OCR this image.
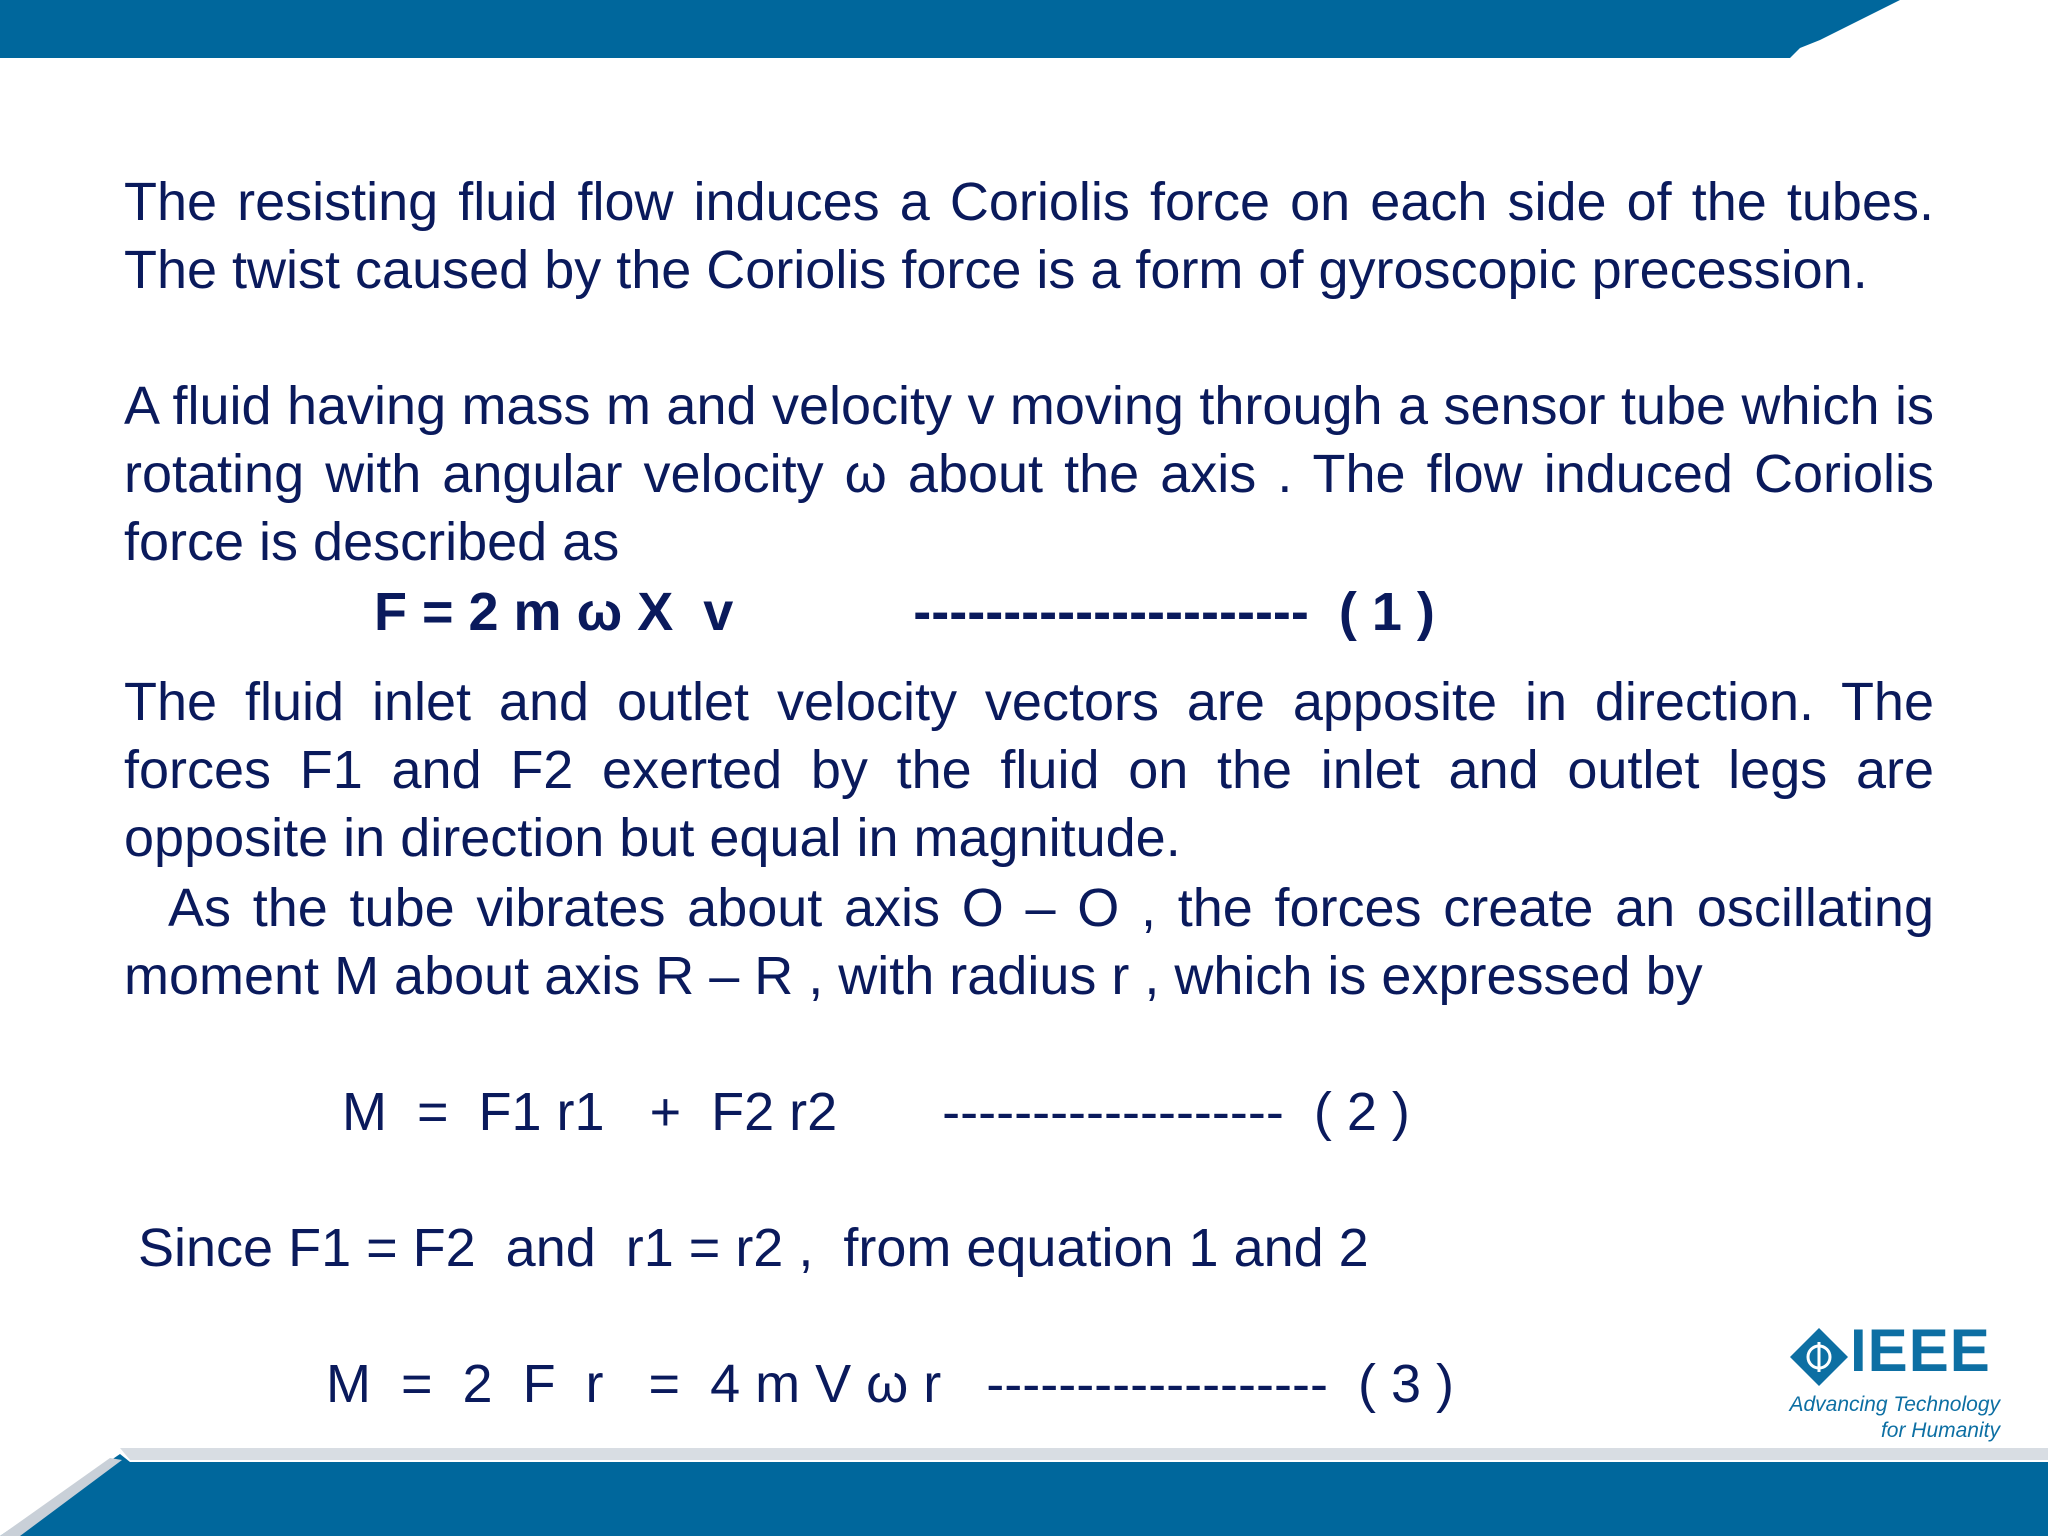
The resisting fluid flow induces a Coriolis force on each side of the tubes. The twist caused by the Coriolis force is a form of gyroscopic precession.

A fluid having mass m and velocity v moving through a sensor tube which is rotating with angular velocity ω about the axis . The flow induced Coriolis force is described as

F = 2 m ω X  v            ----------------------  ( 1 )

The fluid inlet and outlet velocity vectors are apposite in direction. The forces F1 and F2 exerted by the fluid on the inlet and outlet legs are opposite in direction but equal in magnitude.

As the tube vibrates about axis O – O , the forces create an oscillating moment M about axis R – R , with radius r , which is expressed by

M  =  F1 r1   +  F2 r2       -------------------  ( 2 )
Since F1 = F2  and  r1 = r2 ,  from equation 1 and 2
M  =  2  F  r   =  4 m V ω r   -------------------  ( 3 )	IEEE
Advancing Technology
for Humanity
